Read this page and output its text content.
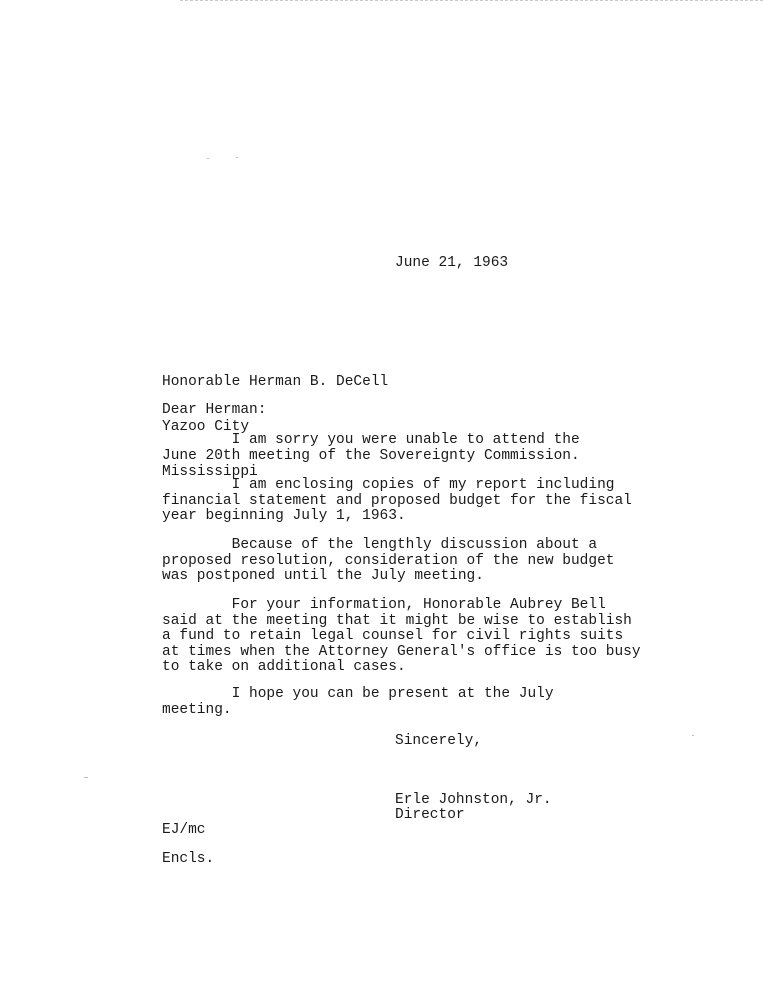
June 21, 1963

Honorable Herman B. DeCell

Yazoo City

Mississippi

Dear Herman:
I am sorry you were unable to attend the
June 20th meeting of the Sovereignty Commission.
I am enclosing copies of my report including
financial statement and proposed budget for the fiscal
year beginning July 1, 1963.
Because of the lengthly discussion about a
proposed resolution, consideration of the new budget
was postponed until the July meeting.
For your information, Honorable Aubrey Bell
said at the meeting that it might be wise to establish
a fund to retain legal counsel for civil rights suits
at times when the Attorney General's office is too busy
to take on additional cases.
I hope you can be present at the July
meeting.
Sincerely,
Erle Johnston, Jr.
Director
EJ/mc
Encls.
